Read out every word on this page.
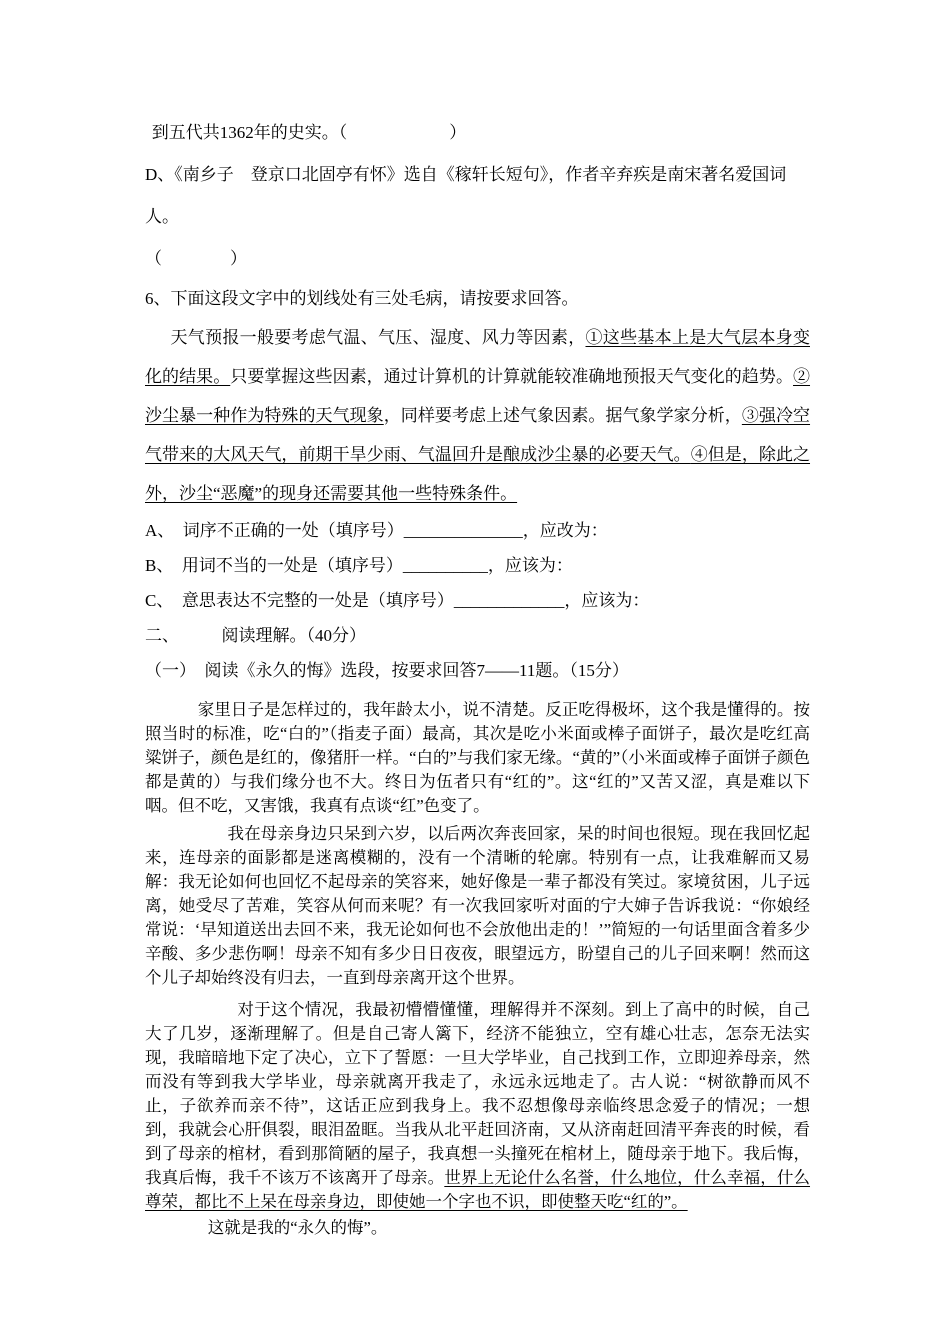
到五代共1362年的史实。（　　　　　　）

D、《南乡子　登京口北固亭有怀》选自《稼轩长短句》，作者辛弃疾是南宋著名爱国词人。

（　　　　）

6、下面这段文字中的划线处有三处毛病，请按要求回答。

天气预报一般要考虑气温、气压、湿度、风力等因素，①这些基本上是大气层本身变化的结果。只要掌握这些因素，通过计算机的计算就能较准确地预报天气变化的趋势。②沙尘暴一种作为特殊的天气现象，同样要考虑上述气象因素。据气象学家分析，③强冷空气带来的大风天气，前期干旱少雨、气温回升是酿成沙尘暴的必要天气。④但是，除此之外，沙尘“恶魔”的现身还需要其他一些特殊条件。

A、　词序不正确的一处（填序号）______________，应改为：

B、　用词不当的一处是（填序号）__________，应该为：

C、　意思表达不完整的一处是（填序号）_____________，应该为：

二、　　　阅读理解。（40分）

（一）　阅读《永久的悔》选段，按要求回答7——11题。（15分）

家里日子是怎样过的，我年龄太小，说不清楚。反正吃得极坏，这个我是懂得的。按照当时的标准，吃“白的”（指麦子面）最高，其次是吃小米面或棒子面饼子，最次是吃红高粱饼子，颜色是红的，像猪肝一样。“白的”与我们家无缘。“黄的”（小米面或棒子面饼子颜色都是黄的）与我们缘分也不大。终日为伍者只有“红的”。这“红的”又苦又涩，真是难以下咽。但不吃，又害饿，我真有点谈“红”色变了。

我在母亲身边只呆到六岁，以后两次奔丧回家，呆的时间也很短。现在我回忆起来，连母亲的面影都是迷离模糊的，没有一个清晰的轮廓。特别有一点，让我难解而又易解：我无论如何也回忆不起母亲的笑容来，她好像是一辈子都没有笑过。家境贫困，儿子远离，她受尽了苦难，笑容从何而来呢？有一次我回家听对面的宁大婶子告诉我说：“你娘经常说：‘早知道送出去回不来，我无论如何也不会放他出走的！’”简短的一句话里面含着多少辛酸、多少悲伤啊！母亲不知有多少日日夜夜，眼望远方，盼望自己的儿子回来啊！然而这个儿子却始终没有归去，一直到母亲离开这个世界。

对于这个情况，我最初懵懵懂懂，理解得并不深刻。到上了高中的时候，自己大了几岁，逐渐理解了。但是自己寄人篱下，经济不能独立，空有雄心壮志，怎奈无法实现，我暗暗地下定了决心，立下了誓愿：一旦大学毕业，自己找到工作，立即迎养母亲，然而没有等到我大学毕业，母亲就离开我走了，永远永远地走了。古人说：“树欲静而风不止，子欲养而亲不待”，这话正应到我身上。我不忍想像母亲临终思念爱子的情况；一想到，我就会心肝俱裂，眼泪盈眶。当我从北平赶回济南，又从济南赶回清平奔丧的时候，看到了母亲的棺材，看到那简陋的屋子，我真想一头撞死在棺材上，随母亲于地下。我后悔，我真后悔，我千不该万不该离开了母亲。世界上无论什么名誉，什么地位，什么幸福，什么尊荣，都比不上呆在母亲身边，即使她一个字也不识，即使整天吃“红的”。

这就是我的“永久的悔”。
